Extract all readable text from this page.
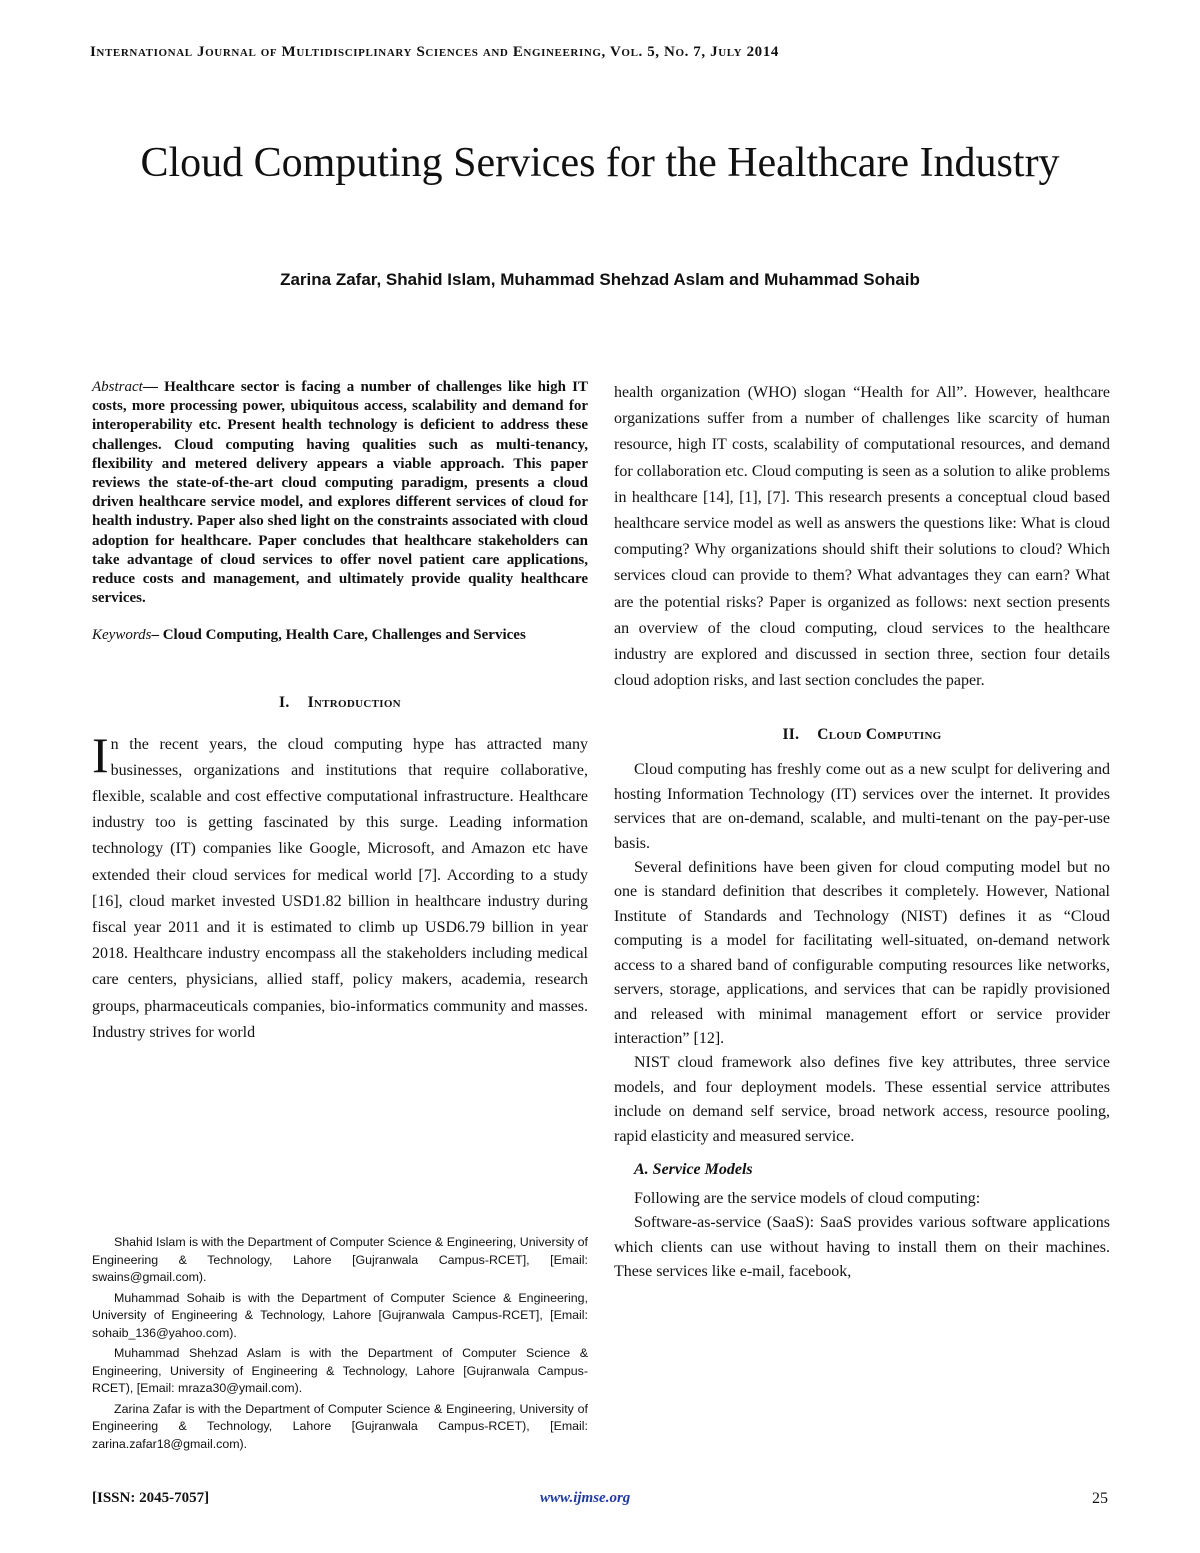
International Journal of Multidisciplinary Sciences and Engineering, Vol. 5, No. 7, July 2014
Cloud Computing Services for the Healthcare Industry
Zarina Zafar, Shahid Islam, Muhammad Shehzad Aslam and Muhammad Sohaib

Abstract— Healthcare sector is facing a number of challenges like high IT costs, more processing power, ubiquitous access, scalability and demand for interoperability etc. Present health technology is deficient to address these challenges. Cloud computing having qualities such as multi-tenancy, flexibility and metered delivery appears a viable approach. This paper reviews the state-of-the-art cloud computing paradigm, presents a cloud driven healthcare service model, and explores different services of cloud for health industry. Paper also shed light on the constraints associated with cloud adoption for healthcare. Paper concludes that healthcare stakeholders can take advantage of cloud services to offer novel patient care applications, reduce costs and management, and ultimately provide quality healthcare services.

Keywords– Cloud Computing, Health Care, Challenges and Services

I. Introduction

In the recent years, the cloud computing hype has attracted many businesses, organizations and institutions that require collaborative, flexible, scalable and cost effective computational infrastructure. Healthcare industry too is getting fascinated by this surge. Leading information technology (IT) companies like Google, Microsoft, and Amazon etc have extended their cloud services for medical world [7]. According to a study [16], cloud market invested USD1.82 billion in healthcare industry during fiscal year 2011 and it is estimated to climb up USD6.79 billion in year 2018. Healthcare industry encompass all the stakeholders including medical care centers, physicians, allied staff, policy makers, academia, research groups, pharmaceuticals companies, bio-informatics community and masses. Industry strives for world

Shahid Islam is with the Department of Computer Science & Engineering, University of Engineering & Technology, Lahore [Gujranwala Campus-RCET], [Email: swains@gmail.com).

Muhammad Sohaib is with the Department of Computer Science & Engineering, University of Engineering & Technology, Lahore [Gujranwala Campus-RCET], [Email: sohaib_136@yahoo.com).

Muhammad Shehzad Aslam is with the Department of Computer Science & Engineering, University of Engineering & Technology, Lahore [Gujranwala Campus-RCET), [Email: mraza30@ymail.com).

Zarina Zafar is with the Department of Computer Science & Engineering, University of Engineering & Technology, Lahore [Gujranwala Campus-RCET), [Email: zarina.zafar18@gmail.com).

health organization (WHO) slogan “Health for All”. However, healthcare organizations suffer from a number of challenges like scarcity of human resource, high IT costs, scalability of computational resources, and demand for collaboration etc. Cloud computing is seen as a solution to alike problems in healthcare [14], [1], [7]. This research presents a conceptual cloud based healthcare service model as well as answers the questions like: What is cloud computing? Why organizations should shift their solutions to cloud? Which services cloud can provide to them? What advantages they can earn? What are the potential risks? Paper is organized as follows: next section presents an overview of the cloud computing, cloud services to the healthcare industry are explored and discussed in section three, section four details cloud adoption risks, and last section concludes the paper.

II. Cloud Computing

Cloud computing has freshly come out as a new sculpt for delivering and hosting Information Technology (IT) services over the internet. It provides services that are on-demand, scalable, and multi-tenant on the pay-per-use basis.

Several definitions have been given for cloud computing model but no one is standard definition that describes it completely. However, National Institute of Standards and Technology (NIST) defines it as “Cloud computing is a model for facilitating well-situated, on-demand network access to a shared band of configurable computing resources like networks, servers, storage, applications, and services that can be rapidly provisioned and released with minimal management effort or service provider interaction” [12].

NIST cloud framework also defines five key attributes, three service models, and four deployment models. These essential service attributes include on demand self service, broad network access, resource pooling, rapid elasticity and measured service.

A. Service Models

Following are the service models of cloud computing:

Software-as-service (SaaS): SaaS provides various software applications which clients can use without having to install them on their machines. These services like e-mail, facebook,

[ISSN: 2045-7057]	www.ijmse.org	25
